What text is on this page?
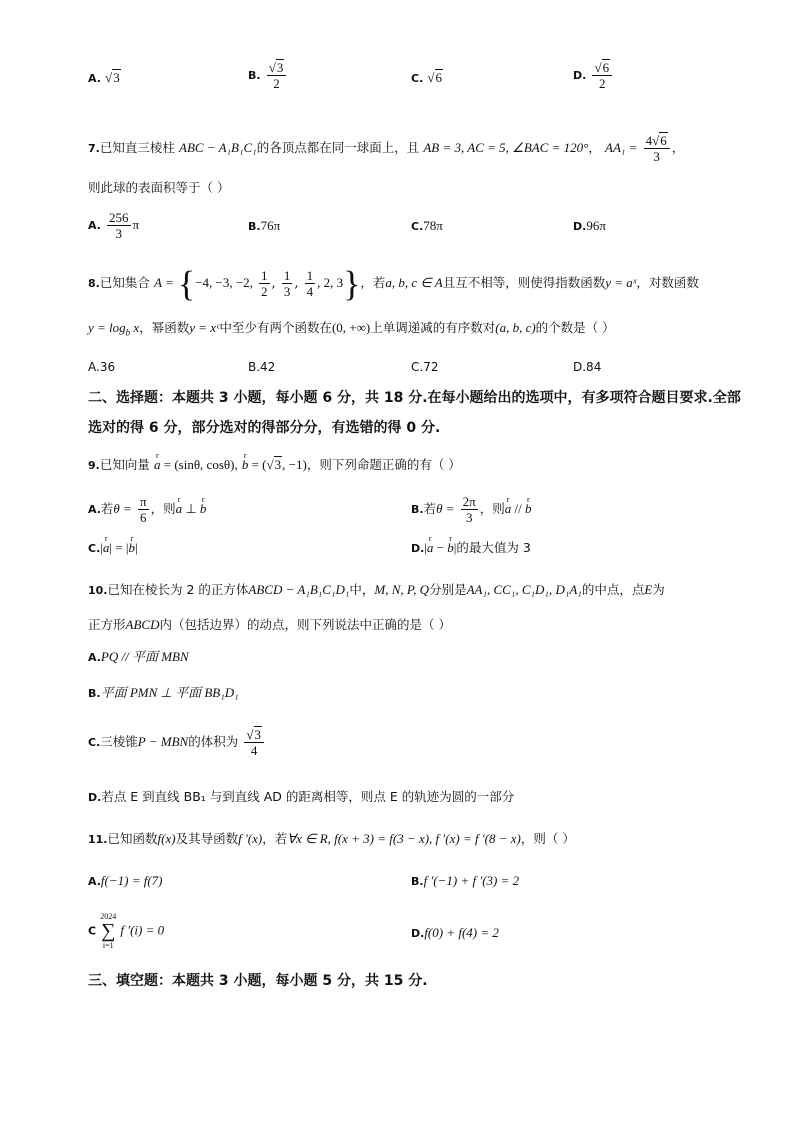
A. √3	B. $\frac{√3}{2}$	C. √6	D. $\frac{√6}{2}$
7.已知直三棱柱 ABC − A₁B₁C₁的各顶点都在同一球面上，且 AB = 3, AC = 5, ∠BAC = 120°， $AA_1 = \frac{4√6}{3}$ ，
则此球的表面积等于（ ）
A. $\frac{256}{3}$ π	B.76π	C.78π	D.96π
8.已知集合 A = {−4, −3, −2, $\frac{1}{2}$ , $\frac{1}{3}$ , $\frac{1}{4}$ , 2, 3}，若a, b, c ∈ A且互不相等，则使得指数函数y = aˣ，对数函数
$y = \log_b x$，幂函数y = xᶜ中至少有两个函数在(0, +∞)上单调递减的有序数对(a, b, c)的个数是（ ）
A.36	B.42	C.72	D.84
二、选择题：本题共 3 小题，每小题 6 分，共 18 分.在每小题给出的选项中，有多项符合题目要求.全部选对的得 6 分，部分选对的得部分分，有选错的得 0 分.
9.已知向量 r a = (sinθ, cosθ), r b = (√3, −1)，则下列命题正确的有（ ）
A.若$\theta = \frac{\pi}{6}$ ，则r a ⊥ r b	B.若$\theta = \frac{2\pi}{3}$ ，则r a // r b
C.|r a| = |r b|	D.|r a − r b|的最大值为 3
10.已知在棱长为 2 的正方体ABCD − A₁B₁C₁D₁中，M, N, P, Q分别是AA₁, CC₁, C₁D₁, D₁A₁的中点，点E为
正方形ABCD内（包括边界）的动点，则下列说法中正确的是（ ）
A.PQ // 平面 MBN
B.平面 PMN ⊥ 平面 BB₁D₁
C.三棱锥P − MBN的体积为 $\frac{√3}{4}$
D.若点 E 到直线 BB₁ 与到直线 AD 的距离相等，则点 E 的轨迹为圆的一部分
11.已知函数f(x)及其导函数f ′(x)，若∀x ∈ R, f(x + 3) = f(3 − x), f ′(x) = f ′(8 − x)，则（ ）
A.f(−1) = f(7)	B.f ′(−1) + f ′(3) = 2
C
2024
∑
i=1
f ′(i) = 0	D.f(0) + f(4) = 2
三、填空题：本题共 3 小题，每小题 5 分，共 15 分.
